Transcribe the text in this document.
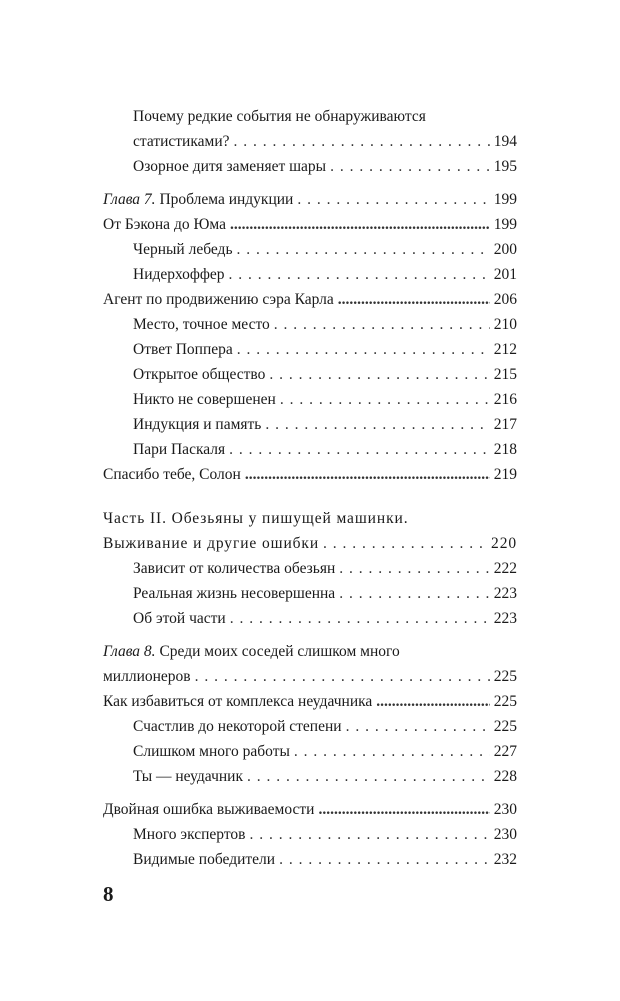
Почему редкие события не обнаруживаются
статистиками? . . .	194
Озорное дитя заменяет шары . . .	195
Глава 7. Проблема индукции . . .	199
От Бэкона до Юма .....	199
Черный лебедь . . .	200
Нидерхоффер . . .	201
Агент по продвижению сэра Карла .....	206
Место, точное место . . .	210
Ответ Поппера . . .	212
Открытое общество . . .	215
Никто не совершенен . . .	216
Индукция и память . . .	217
Пари Паскаля . . .	218
Спасибо тебе, Солон .....	219
Часть II. Обезьяны у пишущей машинки.
Выживание и другие ошибки . . .	220
Зависит от количества обезьян . . .	222
Реальная жизнь несовершенна . . .	223
Об этой части . . .	223
Глава 8. Среди моих соседей слишком много
миллионеров . . .	225
Как избавиться от комплекса неудачника .....	225
Счастлив до некоторой степени . . .	225
Слишком много работы . . .	227
Ты — неудачник . . .	228
Двойная ошибка выживаемости .....	230
Много экспертов . . .	230
Видимые победители . . .	232
8
